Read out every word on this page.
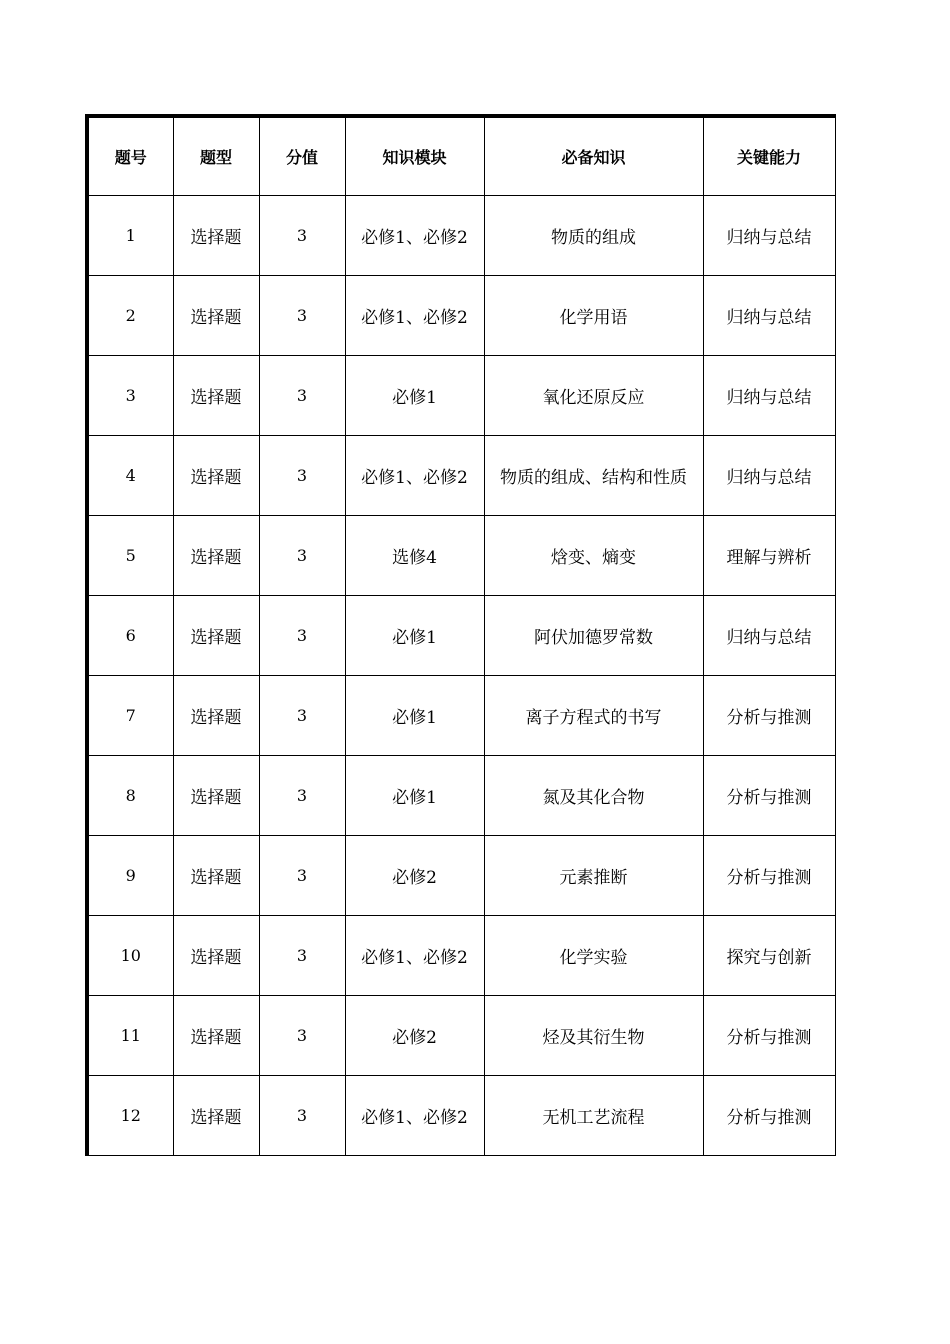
题号	题型	分值	知识模块	必备知识	关键能力
1	选择题	3	必修1、必修2	物质的组成	归纳与总结
2	选择题	3	必修1、必修2	化学用语	归纳与总结
3	选择题	3	必修1	氧化还原反应	归纳与总结
4	选择题	3	必修1、必修2	物质的组成、结构和性质	归纳与总结
5	选择题	3	选修4	焓变、熵变	理解与辨析
6	选择题	3	必修1	阿伏加德罗常数	归纳与总结
7	选择题	3	必修1	离子方程式的书写	分析与推测
8	选择题	3	必修1	氮及其化合物	分析与推测
9	选择题	3	必修2	元素推断	分析与推测
10	选择题	3	必修1、必修2	化学实验	探究与创新
11	选择题	3	必修2	烃及其衍生物	分析与推测
12	选择题	3	必修1、必修2	无机工艺流程	分析与推测
